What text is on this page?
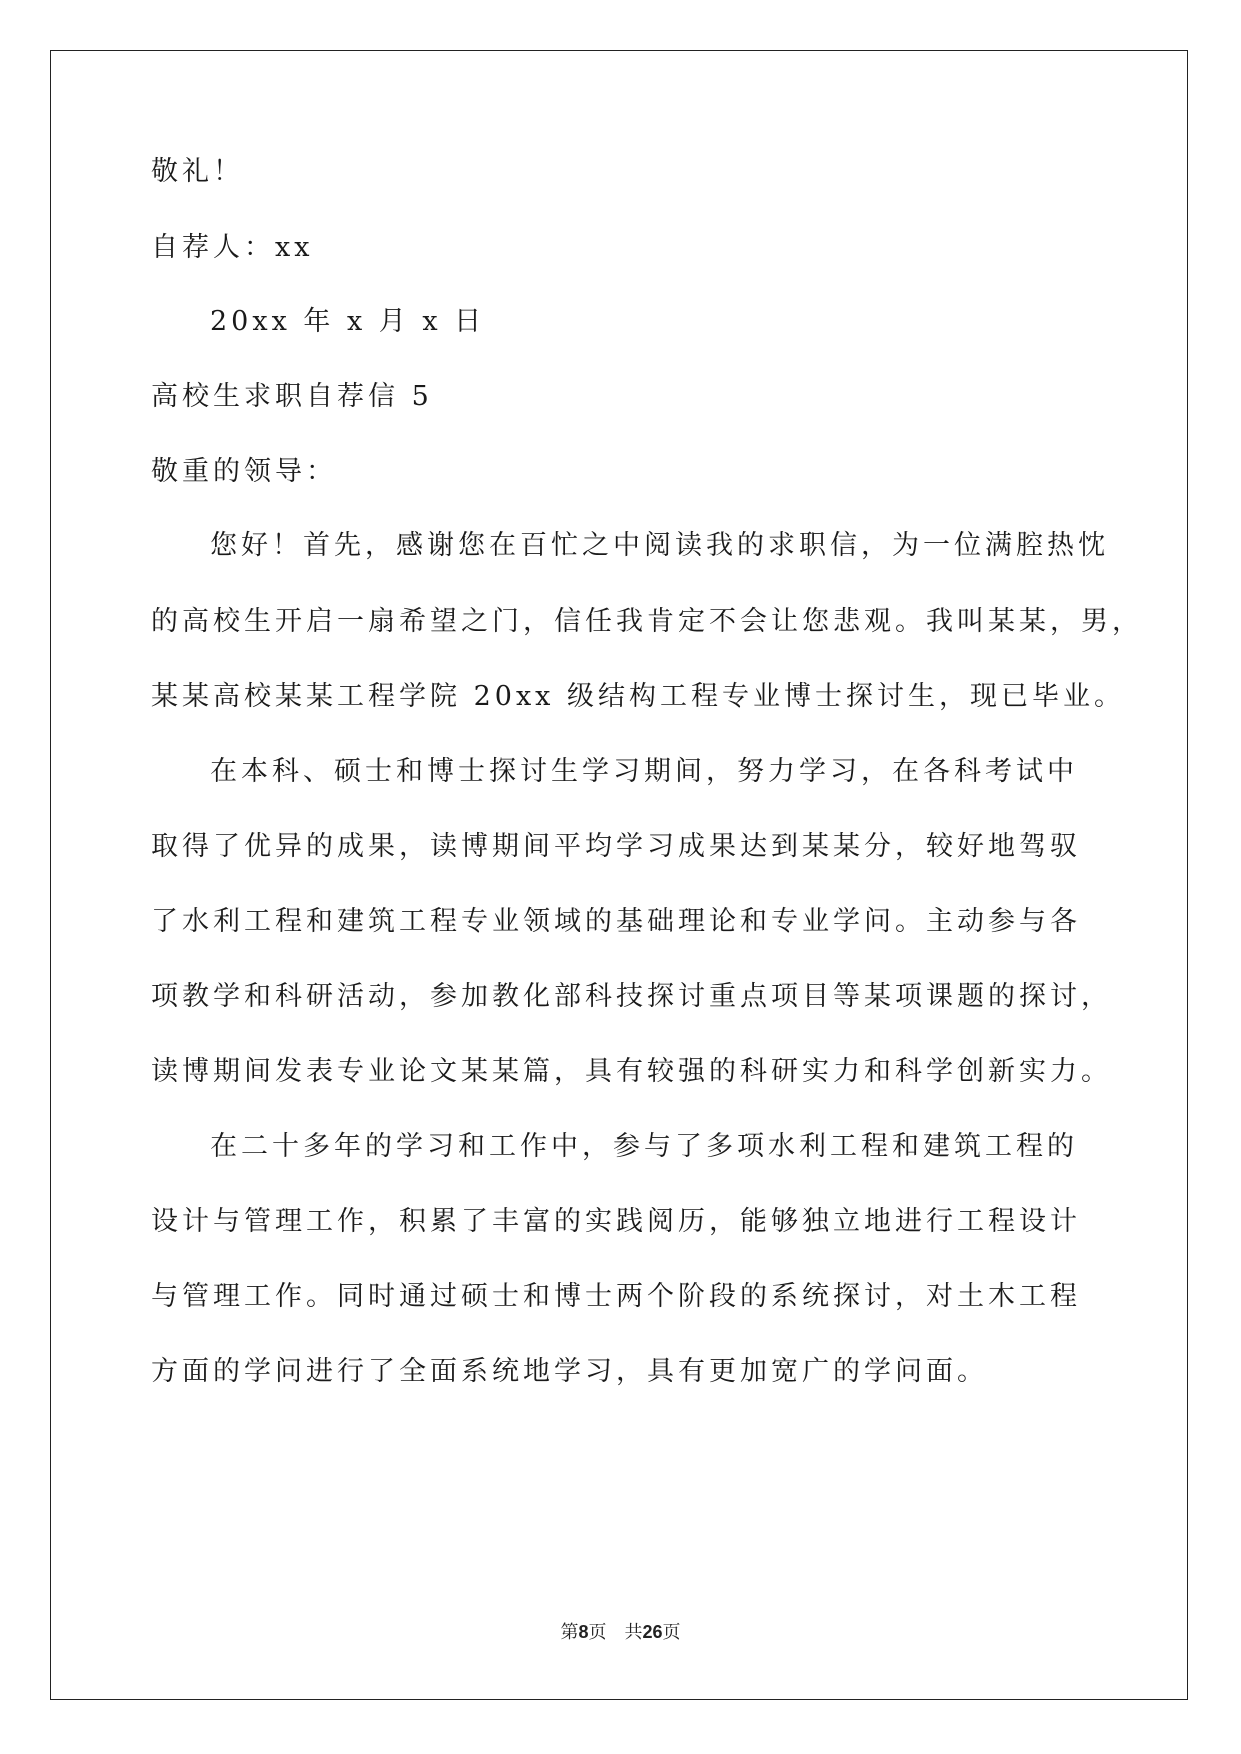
敬礼！
自荐人：xx
20xx 年 x 月 x 日
高校生求职自荐信 5
敬重的领导：
您好！首先，感谢您在百忙之中阅读我的求职信，为一位满腔热忱
的高校生开启一扇希望之门，信任我肯定不会让您悲观。我叫某某，男，
某某高校某某工程学院 20xx 级结构工程专业博士探讨生，现已毕业。
在本科、硕士和博士探讨生学习期间，努力学习，在各科考试中
取得了优异的成果，读博期间平均学习成果达到某某分，较好地驾驭
了水利工程和建筑工程专业领域的基础理论和专业学问。主动参与各
项教学和科研活动，参加教化部科技探讨重点项目等某项课题的探讨，
读博期间发表专业论文某某篇，具有较强的科研实力和科学创新实力。
在二十多年的学习和工作中，参与了多项水利工程和建筑工程的
设计与管理工作，积累了丰富的实践阅历，能够独立地进行工程设计
与管理工作。同时通过硕士和博士两个阶段的系统探讨，对土木工程
方面的学问进行了全面系统地学习，具有更加宽广的学问面。
第8页　共26页
